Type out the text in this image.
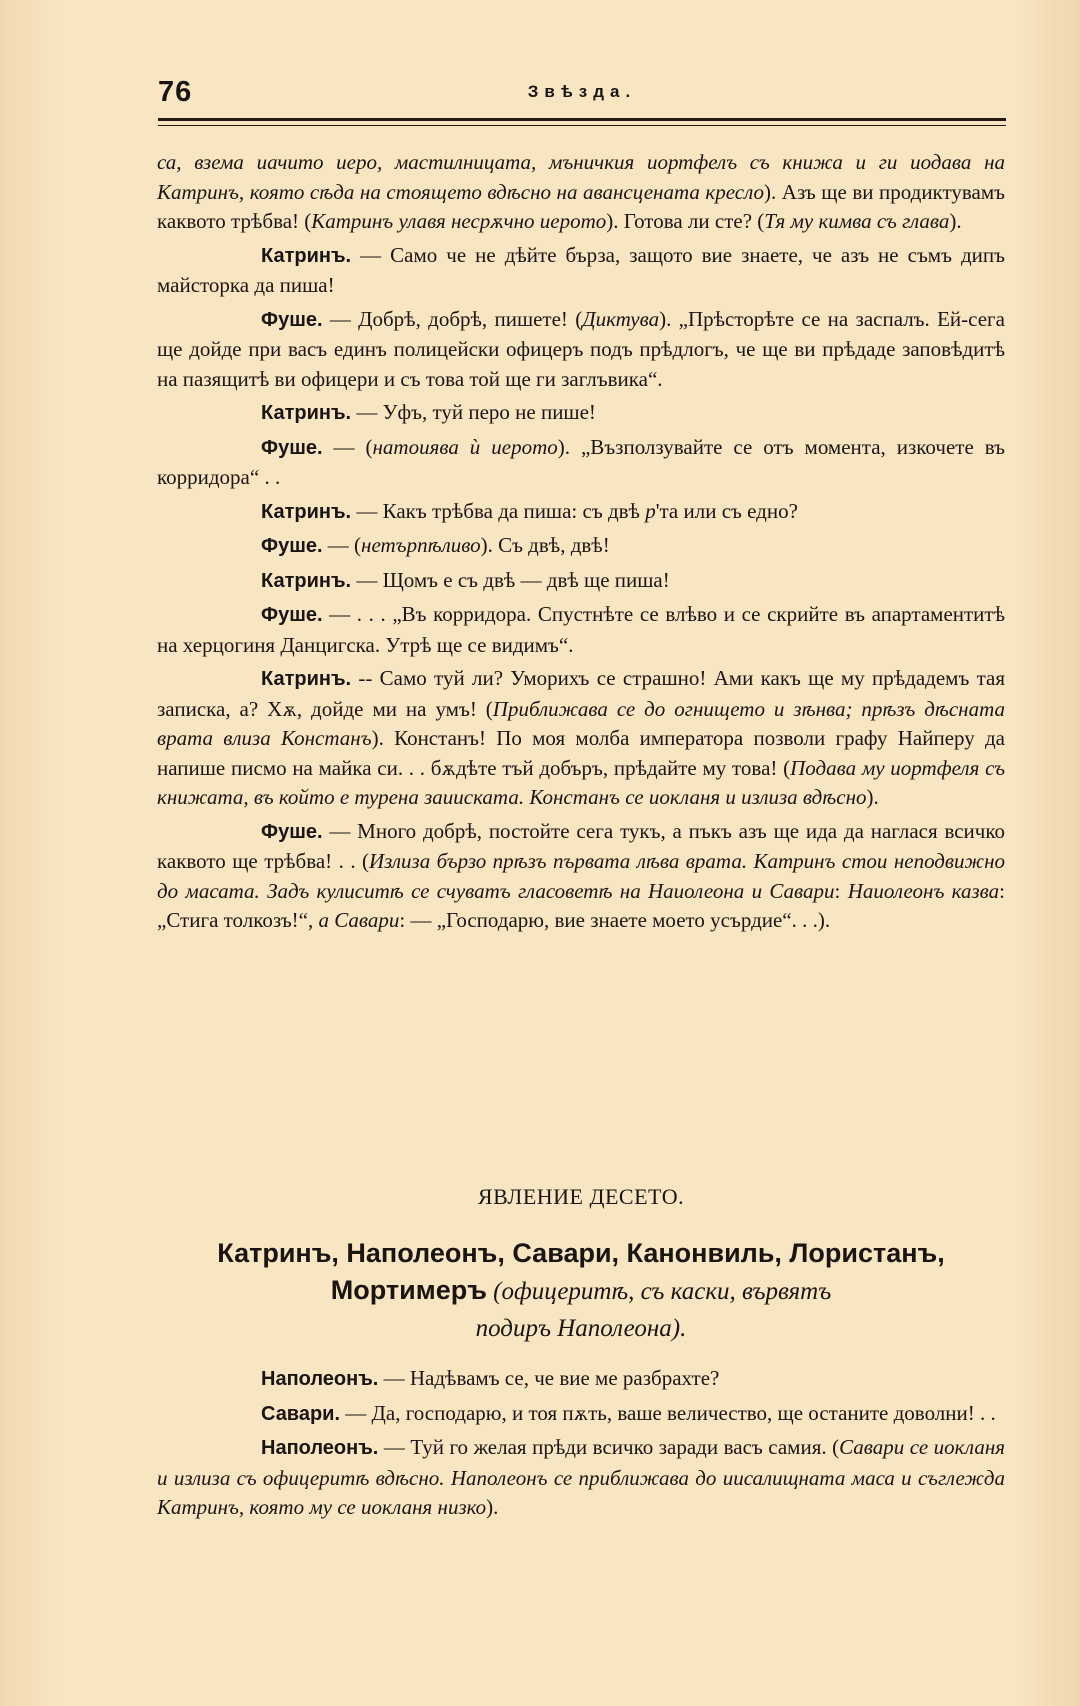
76	Звѣзда.

са, взема иачито иеро, мастилницата, мъничкия иортфелъ съ книжа и ги иодава на Катринъ, която сѣда на стоящето вдѣсно на авансцената кресло). Азъ ще ви продиктувамъ каквото трѣбва! (Катринъ улавя несрѫчно иерото). Готова ли сте? (Тя му кимва съ глава).

Катринъ. — Само че не дѣйте бърза, защото вие знаете, че азъ не съмъ дипъ майсторка да пиша!

Фуше. — Добрѣ, добрѣ, пишете! (Диктува). „Прѣсторѣте се на заспалъ. Ей-сега ще дойде при васъ единъ полицейски офицеръ подъ прѣдлогъ, че ще ви прѣдаде заповѣдитѣ на пазящитѣ ви офицери и съ това той ще ги заглъвика“.

Катринъ. — Уфъ, туй перо не пише!

Фуше. — (натоиява ѝ иерото). „Възползувайте се отъ момента, изкочете въ корридора“ . .

Катринъ. — Какъ трѣбва да пиша: съ двѣ р'та или съ едно?

Фуше. — (нетърпѣливо). Съ двѣ, двѣ!

Катринъ. — Щомъ е съ двѣ — двѣ ще пиша!

Фуше. — . . . „Въ корридора. Спустнѣте се влѣво и се скрийте въ апартаментитѣ на херцогиня Данцигска. Утрѣ ще се видимъ“.

Катринъ. -- Само туй ли? Уморихъ се страшно! Ами какъ ще му прѣдадемъ тая записка, а? Хѫ, дойде ми на умъ! (Приближава се до огнището и зѣнва; прѣзъ дѣсната врата влиза Констанъ). Констанъ! По моя молба императора позволи графу Найперу да напише писмо на майка си. . . бѫдѣте тъй добъръ, прѣдайте му това! (Подава му иортфеля съ книжата, въ който е турена заииската. Констанъ се иокланя и излиза вдѣсно).

Фуше. — Много добрѣ, постойте сега тукъ, а пъкъ азъ ще ида да наглася всичко каквото ще трѣбва! . . (Излиза бързо прѣзъ първата лѣва врата. Катринъ стои неподвижно до масата. Задъ кулиситѣ се счуватъ гласоветѣ на Наиолеона и Савари: Наиолеонъ казва: „Стига толкозъ!“, а Савари: — „Господарю, вие знаете моето усърдие“. . .).

ЯВЛЕНИЕ ДЕСЕТО.
Катринъ, Наполеонъ, Савари, Канонвиль, Лористанъ,
Мортимеръ (офицеритѣ, съ каски, вървятъ
подиръ Наполеона).

Наполеонъ. — Надѣвамъ се, че вие ме разбрахте?

Савари. — Да, господарю, и тоя пѫть, ваше величество, ще останите доволни! . .

Наполеонъ. — Туй го желая прѣди всичко заради васъ самия. (Савари се иокланя и излиза съ офицеритѣ вдѣсно. Наполеонъ се приближава до иисалищната маса и съглежда Катринъ, която му се иокланя низко).
